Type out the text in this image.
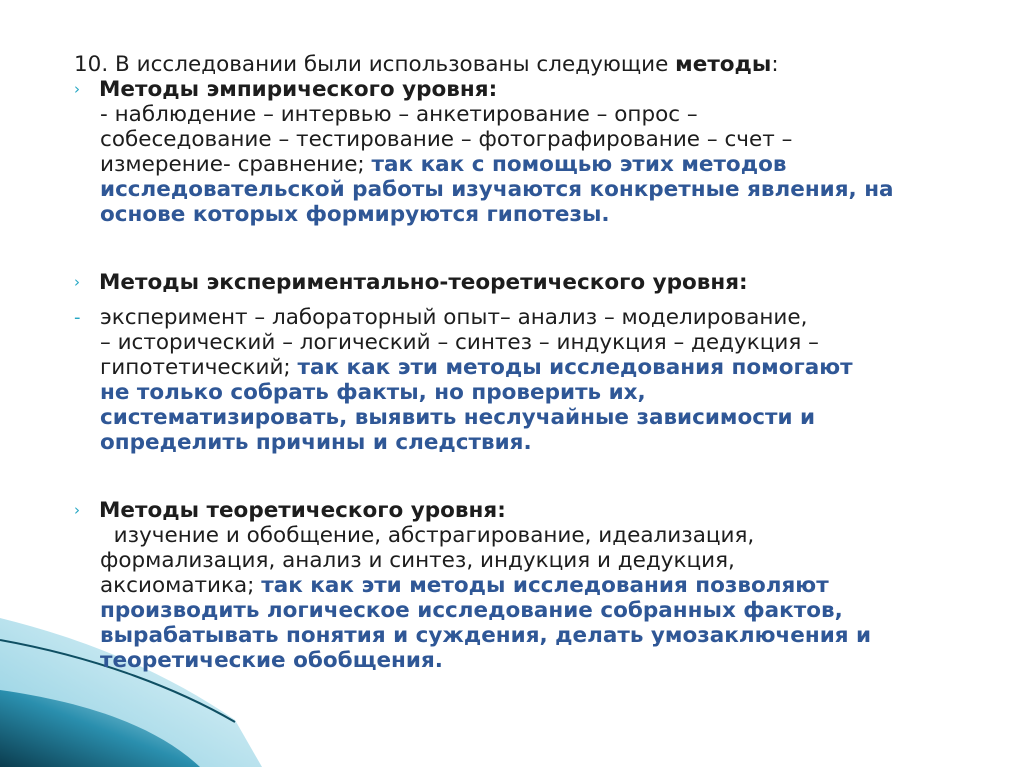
10. В исследовании были использованы следующие методы:
› Методы эмпирического уровня:
- наблюдение – интервью – анкетирование – опрос –
собеседование – тестирование – фотографирование – счет –
измерение- сравнение; так как с помощью этих методов
исследовательской работы изучаются конкретные явления, на
основе которых формируются гипотезы.
› Методы экспериментально-теоретического уровня:
- эксперимент – лабораторный опыт– анализ – моделирование,
– исторический – логический – синтез – индукция – дедукция –
гипотетический; так как эти методы исследования помогают
не только собрать факты, но проверить их,
систематизировать, выявить неслучайные зависимости и
определить причины и следствия.
› Методы теоретического уровня:
изучение и обобщение, абстрагирование, идеализация,
формализация, анализ и синтез, индукция и дедукция,
аксиоматика; так как эти методы исследования позволяют
производить логическое исследование собранных фактов,
вырабатывать понятия и суждения, делать умозаключения и
теоретические обобщения.
